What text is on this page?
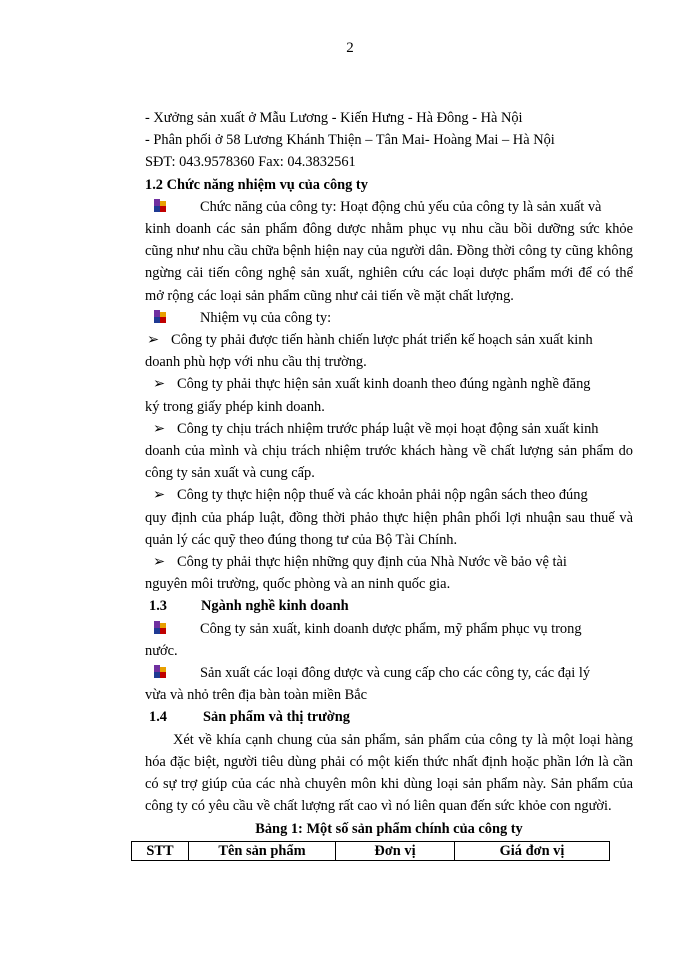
2

- Xưởng sản xuất ở Mẫu Lương - Kiến Hưng - Hà Đông - Hà Nội

- Phân phối ở 58 Lương Khánh Thiện – Tân Mai- Hoàng Mai – Hà Nội

SĐT: 043.9578360 Fax: 04.3832561

1.2 Chức năng nhiệm vụ của công ty

Chức năng của công ty: Hoạt động chủ yếu của công ty là sản xuất và

kinh doanh các sản phẩm đông dược nhằm phục vụ nhu cầu bồi dưỡng sức khỏe cũng như nhu cầu chữa bệnh hiện nay của người dân. Đồng thời công ty cũng không ngừng cải tiến công nghệ sản xuất, nghiên cứu các loại dược phẩm mới để có thể mở rộng các loại sản phẩm cũng như cải tiến về mặt chất lượng.

Nhiệm vụ của công ty:
➢ Công ty phải được tiến hành chiến lược phát triển kế hoạch sản xuất kinh

doanh phù hợp với nhu cầu thị trường.

➢ Công ty phải thực hiện sản xuất kinh doanh theo đúng ngành nghề đăng

ký trong giấy phép kinh doanh.

➢ Công ty chịu trách nhiệm trước pháp luật về mọi hoạt động sản xuất kinh

doanh của mình và chịu trách nhiệm trước khách hàng về chất lượng sản phẩm do công ty sản xuất và cung cấp.

➢ Công ty thực hiện nộp thuế và các khoản phải nộp ngân sách theo đúng

quy định của pháp luật, đồng thời phảo thực hiện phân phối lợi nhuận sau thuế và quản lý các quỹ theo đúng thong tư của Bộ Tài Chính.

➢ Công ty phải thực hiện những quy định của Nhà Nước về bảo vệ tài

nguyên môi trường, quốc phòng và an ninh quốc gia.

1.3 Ngành nghề kinh doanh
Công ty sản xuất, kinh doanh dược phẩm, mỹ phẩm phục vụ trong

nước.

Sản xuất các loại đông dược và cung cấp cho các công ty, các đại lý

vừa và nhỏ trên địa bàn toàn miền Bắc

1.4	Sản phẩm và thị trường

Xét về khía cạnh chung của sản phẩm, sản phẩm của công ty là một loại hàng hóa đặc biệt, người tiêu dùng phải có một kiến thức nhất định hoặc phần lớn là cần có sự trợ giúp của các nhà chuyên môn khi dùng loại sản phẩm này. Sản phẩm của công ty có yêu cầu về chất lượng rất cao vì nó liên quan đến sức khỏe con người.

Bảng 1: Một số sản phẩm chính của công ty

STT	Tên sản phẩm	Đơn vị	Giá đơn vị
